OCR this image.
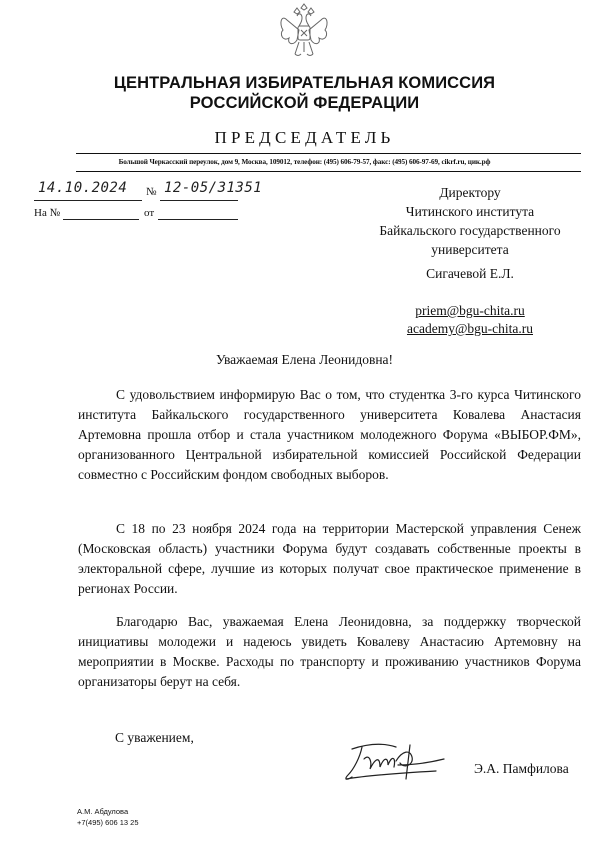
ЦЕНТРАЛЬНАЯ ИЗБИРАТЕЛЬНАЯ КОМИССИЯ
РОССИЙСКОЙ ФЕДЕРАЦИИ
ПРЕДСЕДАТЕЛЬ
Большой Черкасский переулок, дом 9, Москва, 109012, телефон: (495) 606-79-57, факс: (495) 606-97-69, cikrf.ru, цик.рф
14.10.2024 № 12-05/31351
На №	от
Директору
Читинского института
Байкальского государственного
университета
Сигачевой Е.Л.
priem@bgu-chita.ru
academy@bgu-chita.ru
Уважаемая Елена Леонидовна!

С удовольствием информирую Вас о том, что студентка 3-го курса Читинского института Байкальского государственного университета Ковалева Анастасия Артемовна прошла отбор и стала участником молодежного Форума «ВЫБОР.ФМ», организованного Центральной избирательной комиссией Российской Федерации совместно с Российским фондом свободных выборов.

С 18 по 23 ноября 2024 года на территории Мастерской управления Сенеж (Московская область) участники Форума будут создавать собственные проекты в электоральной сфере, лучшие из которых получат свое практическое применение в регионах России.

Благодарю Вас, уважаемая Елена Леонидовна, за поддержку творческой инициативы молодежи и надеюсь увидеть Ковалеву Анастасию Артемовну на мероприятии в Москве. Расходы по транспорту и проживанию участников Форума организаторы берут на себя.

С уважением,
Э.А. Памфилова
А.М. Абдулова
+7(495) 606 13 25
